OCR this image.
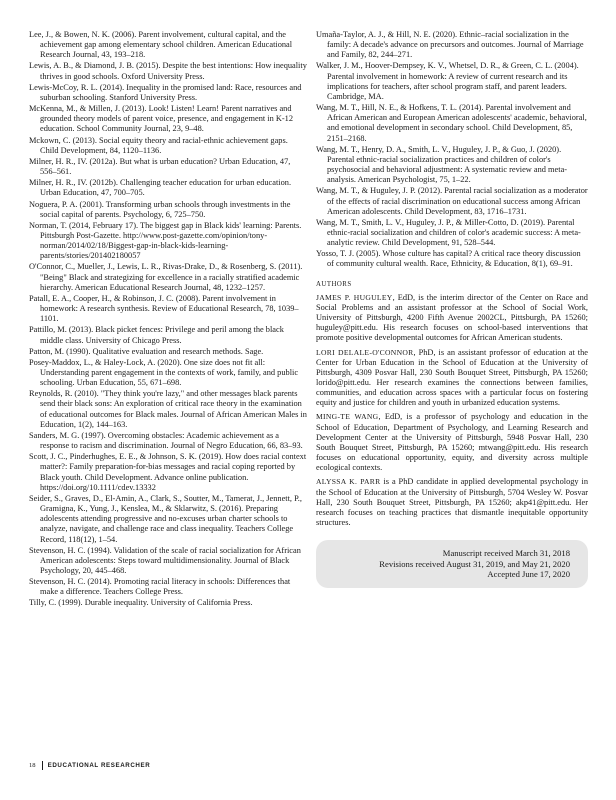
Lee, J., & Bowen, N. K. (2006). Parent involvement, cultural capital, and the achievement gap among elementary school children. American Educational Research Journal, 43, 193–218.

Lewis, A. B., & Diamond, J. B. (2015). Despite the best intentions: How inequality thrives in good schools. Oxford University Press.

Lewis-McCoy, R. L. (2014). Inequality in the promised land: Race, resources and suburban schooling. Stanford University Press.

McKenna, M., & Millen, J. (2013). Look! Listen! Learn! Parent narratives and grounded theory models of parent voice, presence, and engagement in K-12 education. School Community Journal, 23, 9–48.

Mckown, C. (2013). Social equity theory and racial-ethnic achievement gaps. Child Development, 84, 1120–1136.

Milner, H. R., IV. (2012a). But what is urban education? Urban Education, 47, 556–561.

Milner, H. R., IV. (2012b). Challenging teacher education for urban education. Urban Education, 47, 700–705.

Noguera, P. A. (2001). Transforming urban schools through investments in the social capital of parents. Psychology, 6, 725–750.

Norman, T. (2014, February 17). The biggest gap in Black kids' learning: Parents. Pittsburgh Post-Gazette. http://www.post-gazette.com/opinion/tony-norman/2014/02/18/Biggest-gap-in-black-kids-learning-parents/stories/201402180057

O'Connor, C., Mueller, J., Lewis, L. R., Rivas-Drake, D., & Rosenberg, S. (2011). "Being" Black and strategizing for excellence in a racially stratified academic hierarchy. American Educational Research Journal, 48, 1232–1257.

Patall, E. A., Cooper, H., & Robinson, J. C. (2008). Parent involvement in homework: A research synthesis. Review of Educational Research, 78, 1039–1101.

Pattillo, M. (2013). Black picket fences: Privilege and peril among the black middle class. University of Chicago Press.

Patton, M. (1990). Qualitative evaluation and research methods. Sage.

Posey-Maddox, L., & Haley-Lock, A. (2020). One size does not fit all: Understanding parent engagement in the contexts of work, family, and public schooling. Urban Education, 55, 671–698.

Reynolds, R. (2010). "They think you're lazy," and other messages black parents send their black sons: An exploration of critical race theory in the examination of educational outcomes for Black males. Journal of African American Males in Education, 1(2), 144–163.

Sanders, M. G. (1997). Overcoming obstacles: Academic achievement as a response to racism and discrimination. Journal of Negro Education, 66, 83–93.

Scott, J. C., Pinderhughes, E. E., & Johnson, S. K. (2019). How does racial context matter?: Family preparation-for-bias messages and racial coping reported by Black youth. Child Development. Advance online publication. https://doi.org/10.1111/cdev.13332

Seider, S., Graves, D., El-Amin, A., Clark, S., Soutter, M., Tamerat, J., Jennett, P., Gramigna, K., Yung, J., Kenslea, M., & Sklarwitz, S. (2016). Preparing adolescents attending progressive and no-excuses urban charter schools to analyze, navigate, and challenge race and class inequality. Teachers College Record, 118(12), 1–54.

Stevenson, H. C. (1994). Validation of the scale of racial socialization for African American adolescents: Steps toward multidimensionality. Journal of Black Psychology, 20, 445–468.

Stevenson, H. C. (2014). Promoting racial literacy in schools: Differences that make a difference. Teachers College Press.

Tilly, C. (1999). Durable inequality. University of California Press.

Umaña-Taylor, A. J., & Hill, N. E. (2020). Ethnic–racial socialization in the family: A decade's advance on precursors and outcomes. Journal of Marriage and Family, 82, 244–271.

Walker, J. M., Hoover-Dempsey, K. V., Whetsel, D. R., & Green, C. L. (2004). Parental involvement in homework: A review of current research and its implications for teachers, after school program staff, and parent leaders. Cambridge, MA.

Wang, M. T., Hill, N. E., & Hofkens, T. L. (2014). Parental involvement and African American and European American adolescents' academic, behavioral, and emotional development in secondary school. Child Development, 85, 2151–2168.

Wang, M. T., Henry, D. A., Smith, L. V., Huguley, J. P., & Guo, J. (2020). Parental ethnic-racial socialization practices and children of color's psychosocial and behavioral adjustment: A systematic review and meta-analysis. American Psychologist, 75, 1–22.

Wang, M. T., & Huguley, J. P. (2012). Parental racial socialization as a moderator of the effects of racial discrimination on educational success among African American adolescents. Child Development, 83, 1716–1731.

Wang, M. T., Smith, L. V., Huguley, J. P., & Miller-Cotto, D. (2019). Parental ethnic-racial socialization and children of color's academic success: A meta-analytic review. Child Development, 91, 528–544.

Yosso, T. J. (2005). Whose culture has capital? A critical race theory discussion of community cultural wealth. Race, Ethnicity, & Education, 8(1), 69–91.

AUTHORS

JAMES P. HUGULEY, EdD, is the interim director of the Center on Race and Social Problems and an assistant professor at the School of Social Work, University of Pittsburgh, 4200 Fifth Avenue 2002CL, Pittsburgh, PA 15260; huguley@pitt.edu. His research focuses on school-based interventions that promote positive developmental outcomes for African American students.

LORI DELALE-O'CONNOR, PhD, is an assistant professor of education at the Center for Urban Education in the School of Education at the University of Pittsburgh, 4309 Posvar Hall, 230 South Bouquet Street, Pittsburgh, PA 15260; lorido@pitt.edu. Her research examines the connections between families, communities, and education across spaces with a particular focus on fostering equity and justice for children and youth in urbanized education systems.

MING-TE WANG, EdD, is a professor of psychology and education in the School of Education, Department of Psychology, and Learning Research and Development Center at the University of Pittsburgh, 5948 Posvar Hall, 230 South Bouquet Street, Pittsburgh, PA 15260; mtwang@pitt.edu. His research focuses on educational opportunity, equity, and diversity across multiple ecological contexts.

ALYSSA K. PARR is a PhD candidate in applied developmental psychology in the School of Education at the University of Pittsburgh, 5704 Wesley W. Posvar Hall, 230 South Bouquet Street, Pittsburgh, PA 15260; akp41@pitt.edu. Her research focuses on teaching practices that dismantle inequitable opportunity structures.

Manuscript received March 31, 2018
Revisions received August 31, 2019, and May 21, 2020
Accepted June 17, 2020
18 EDUCATIONAL RESEARCHER
